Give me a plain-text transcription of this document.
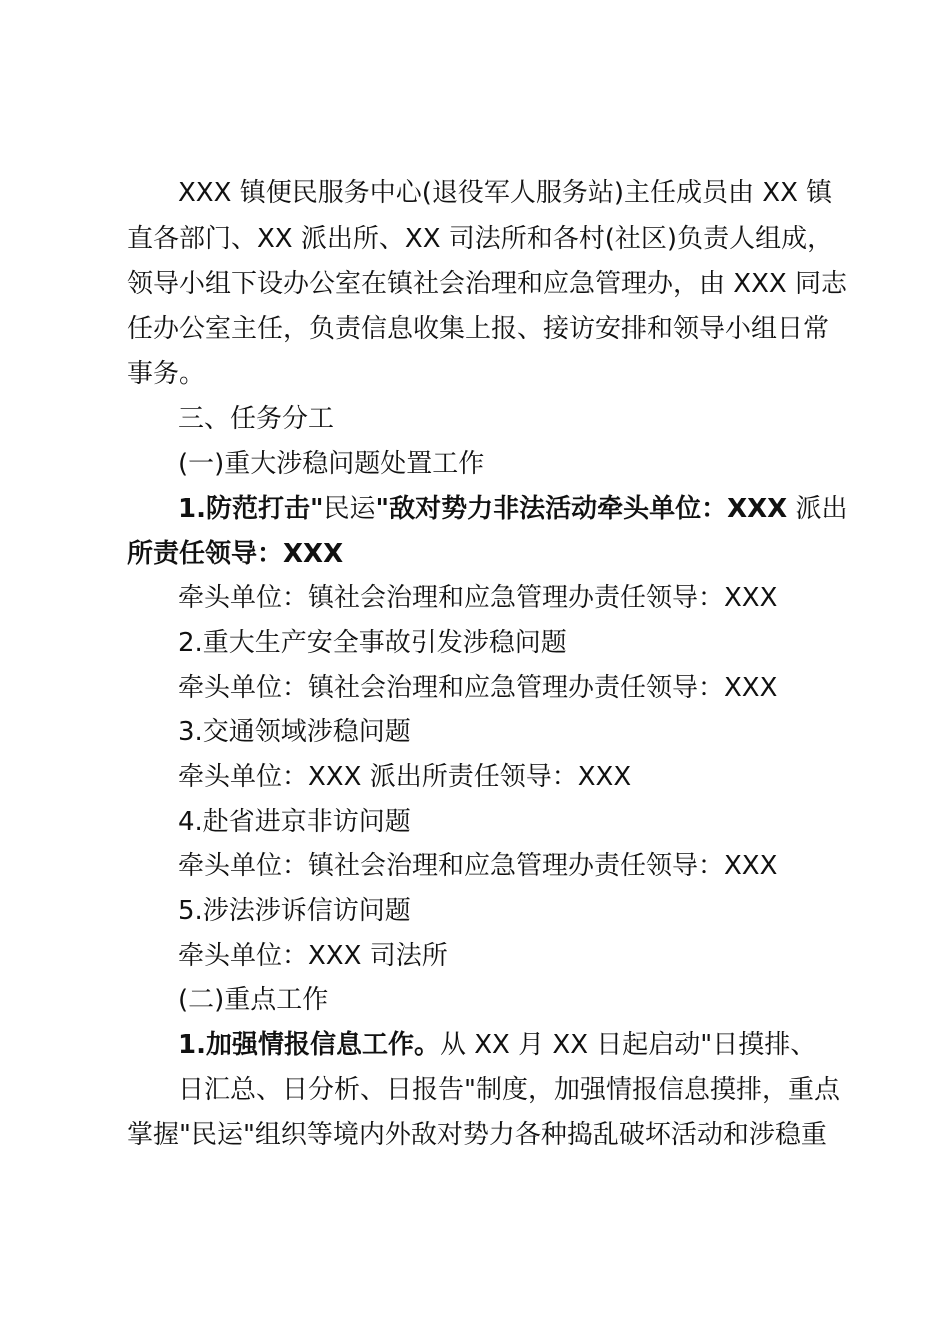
XXX 镇便民服务中心(退役军人服务站)主任成员由 XX 镇
直各部门、XX 派出所、XX 司法所和各村(社区)负责人组成，
领导小组下设办公室在镇社会治理和应急管理办，由 XXX 同志
任办公室主任，负责信息收集上报、接访安排和领导小组日常
事务。
三、任务分工
(一)重大涉稳问题处置工作
1.防范打击"民运"敌对势力非法活动牵头单位：XXX 派出
所责任领导：XXX
牵头单位：镇社会治理和应急管理办责任领导：XXX
2.重大生产安全事故引发涉稳问题
牵头单位：镇社会治理和应急管理办责任领导：XXX
3.交通领域涉稳问题
牵头单位：XXX 派出所责任领导：XXX
4.赴省进京非访问题
牵头单位：镇社会治理和应急管理办责任领导：XXX
5.涉法涉诉信访问题
牵头单位：XXX 司法所
(二)重点工作
1.加强情报信息工作。从 XX 月 XX 日起启动"日摸排、
日汇总、日分析、日报告"制度，加强情报信息摸排，重点
掌握"民运"组织等境内外敌对势力各种捣乱破坏活动和涉稳重
